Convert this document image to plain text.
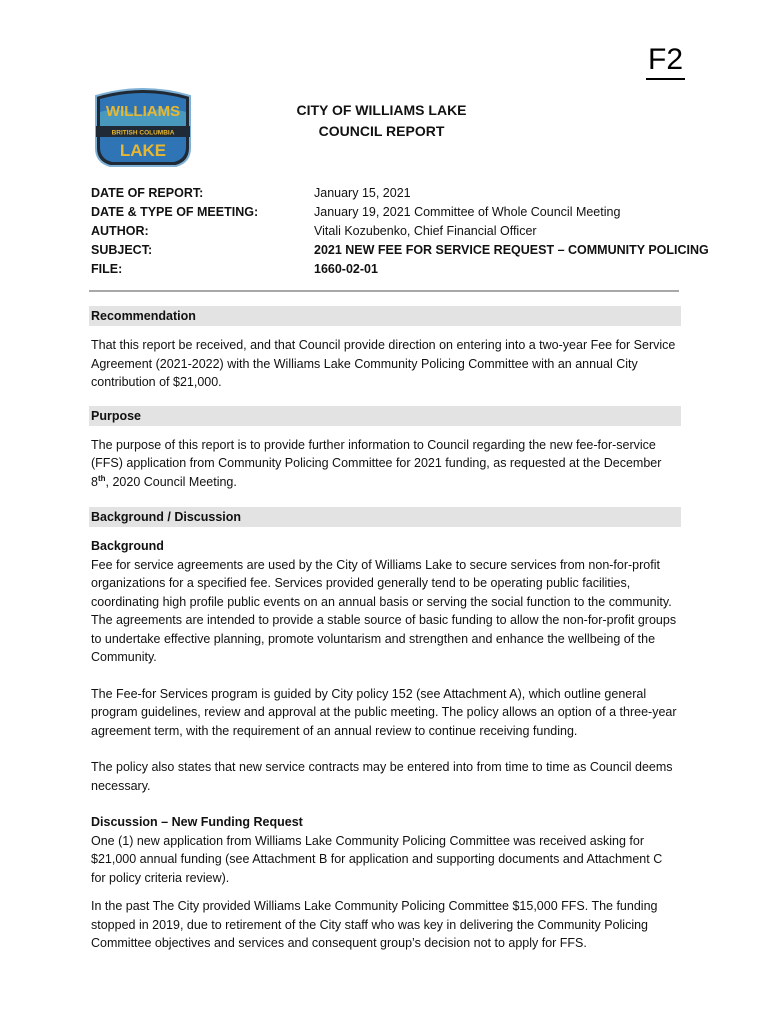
F2
WILLIAMS
BRITISH COLUMBIA
LAKE
CITY OF WILLIAMS LAKE
COUNCIL REPORT
DATE OF REPORT:	January 15, 2021
DATE & TYPE OF MEETING:	January 19, 2021 Committee of Whole Council Meeting
AUTHOR:	Vitali Kozubenko, Chief Financial Officer
SUBJECT:	2021 NEW FEE FOR SERVICE REQUEST – COMMUNITY POLICING
FILE:	1660-02-01
Recommendation
That this report be received, and that Council provide direction on entering into a two-year Fee for Service Agreement (2021-2022) with the Williams Lake Community Policing Committee with an annual City contribution of $21,000.
Purpose
The purpose of this report is to provide further information to Council regarding the new fee-for-service (FFS) application from Community Policing Committee for 2021 funding, as requested at the December 8th, 2020 Council Meeting.
Background / Discussion
Background
Fee for service agreements are used by the City of Williams Lake to secure services from non-for-profit organizations for a specified fee. Services provided generally tend to be operating public facilities, coordinating high profile public events on an annual basis or serving the social function to the community. The agreements are intended to provide a stable source of basic funding to allow the non-for-profit groups to undertake effective planning, promote voluntarism and strengthen and enhance the wellbeing of the Community.
The Fee-for Services program is guided by City policy 152 (see Attachment A), which outline general program guidelines, review and approval at the public meeting. The policy allows an option of a three-year agreement term, with the requirement of an annual review to continue receiving funding.
The policy also states that new service contracts may be entered into from time to time as Council deems necessary.
Discussion – New Funding Request
One (1) new application from Williams Lake Community Policing Committee was received asking for $21,000 annual funding (see Attachment B for application and supporting documents and Attachment C for policy criteria review).
In the past The City provided Williams Lake Community Policing Committee $15,000 FFS. The funding stopped in 2019, due to retirement of the City staff who was key in delivering the Community Policing Committee objectives and services and consequent group’s decision not to apply for FFS.
